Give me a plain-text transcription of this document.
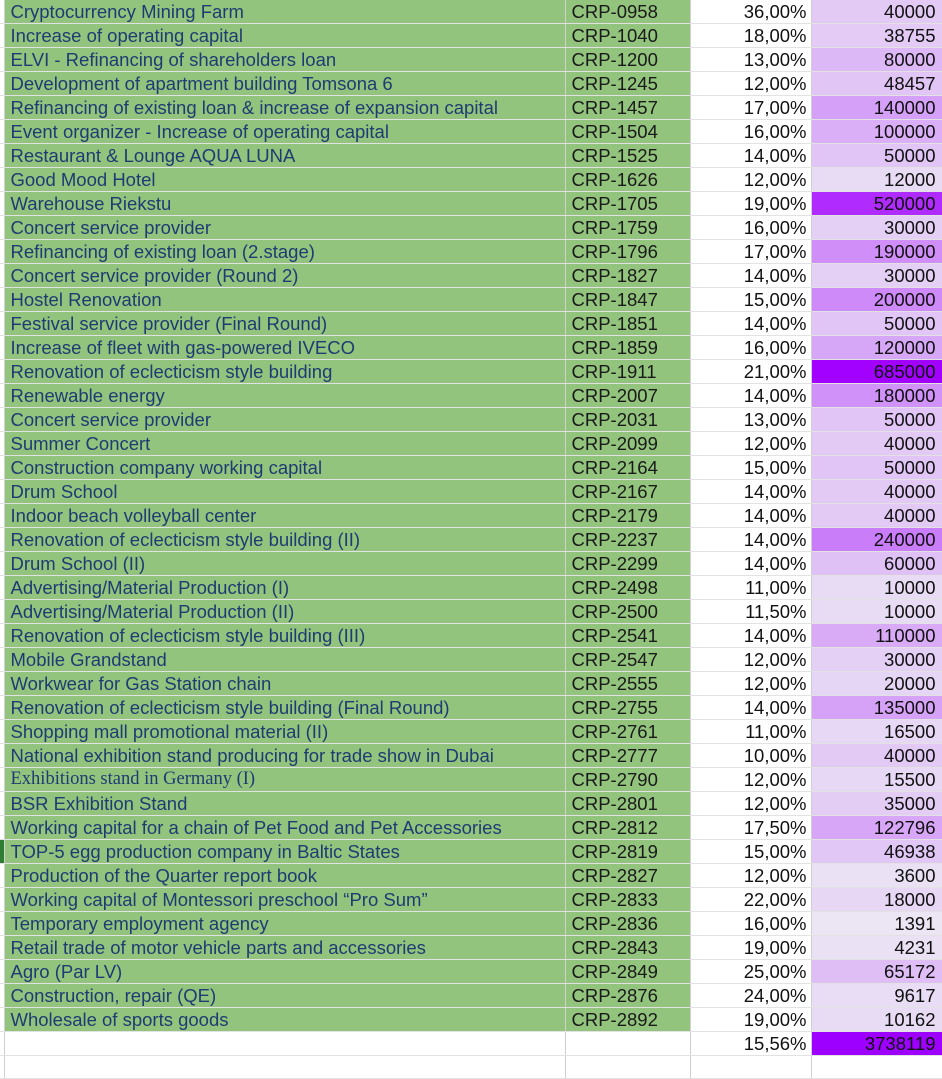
	Cryptocurrency Mining Farm	CRP-0958	36,00%	40000
	Increase of operating capital	CRP-1040	18,00%	38755
	ELVI - Refinancing of shareholders loan	CRP-1200	13,00%	80000
	Development of apartment building Tomsona 6	CRP-1245	12,00%	48457
	Refinancing of existing loan & increase of expansion capital	CRP-1457	17,00%	140000
	Event organizer - Increase of operating capital	CRP-1504	16,00%	100000
	Restaurant & Lounge AQUA LUNA	CRP-1525	14,00%	50000
	Good Mood Hotel	CRP-1626	12,00%	12000
	Warehouse Riekstu	CRP-1705	19,00%	520000
	Concert service provider	CRP-1759	16,00%	30000
	Refinancing of existing loan (2.stage)	CRP-1796	17,00%	190000
	Concert service provider (Round 2)	CRP-1827	14,00%	30000
	Hostel Renovation	CRP-1847	15,00%	200000
	Festival service provider (Final Round)	CRP-1851	14,00%	50000
	Increase of fleet with gas-powered IVECO	CRP-1859	16,00%	120000
	Renovation of eclecticism style building	CRP-1911	21,00%	685000
	Renewable energy	CRP-2007	14,00%	180000
	Concert service provider	CRP-2031	13,00%	50000
	Summer Concert	CRP-2099	12,00%	40000
	Construction company working capital	CRP-2164	15,00%	50000
	Drum School	CRP-2167	14,00%	40000
	Indoor beach volleyball center	CRP-2179	14,00%	40000
	Renovation of eclecticism style building (II)	CRP-2237	14,00%	240000
	Drum School (II)	CRP-2299	14,00%	60000
	Advertising/Material Production (I)	CRP-2498	11,00%	10000
	Advertising/Material Production (II)	CRP-2500	11,50%	10000
	Renovation of eclecticism style building (III)	CRP-2541	14,00%	110000
	Mobile Grandstand	CRP-2547	12,00%	30000
	Workwear for Gas Station chain	CRP-2555	12,00%	20000
	Renovation of eclecticism style building (Final Round)	CRP-2755	14,00%	135000
	Shopping mall promotional material (II)	CRP-2761	11,00%	16500
	National exhibition stand producing for trade show in Dubai	CRP-2777	10,00%	40000
	Exhibitions stand in Germany (I)	CRP-2790	12,00%	15500
	BSR Exhibition Stand	CRP-2801	12,00%	35000
	Working capital for a chain of Pet Food and Pet Accessories	CRP-2812	17,50%	122796
	TOP-5 egg production company in Baltic States	CRP-2819	15,00%	46938
	Production of the Quarter report book	CRP-2827	12,00%	3600
	Working capital of Montessori preschool “Pro Sum”	CRP-2833	22,00%	18000
	Temporary employment agency	CRP-2836	16,00%	1391
	Retail trade of motor vehicle parts and accessories	CRP-2843	19,00%	4231
	Agro (Par LV)	CRP-2849	25,00%	65172
	Construction, repair (QE)	CRP-2876	24,00%	9617
	Wholesale of sports goods	CRP-2892	19,00%	10162
			15,56%	3738119
